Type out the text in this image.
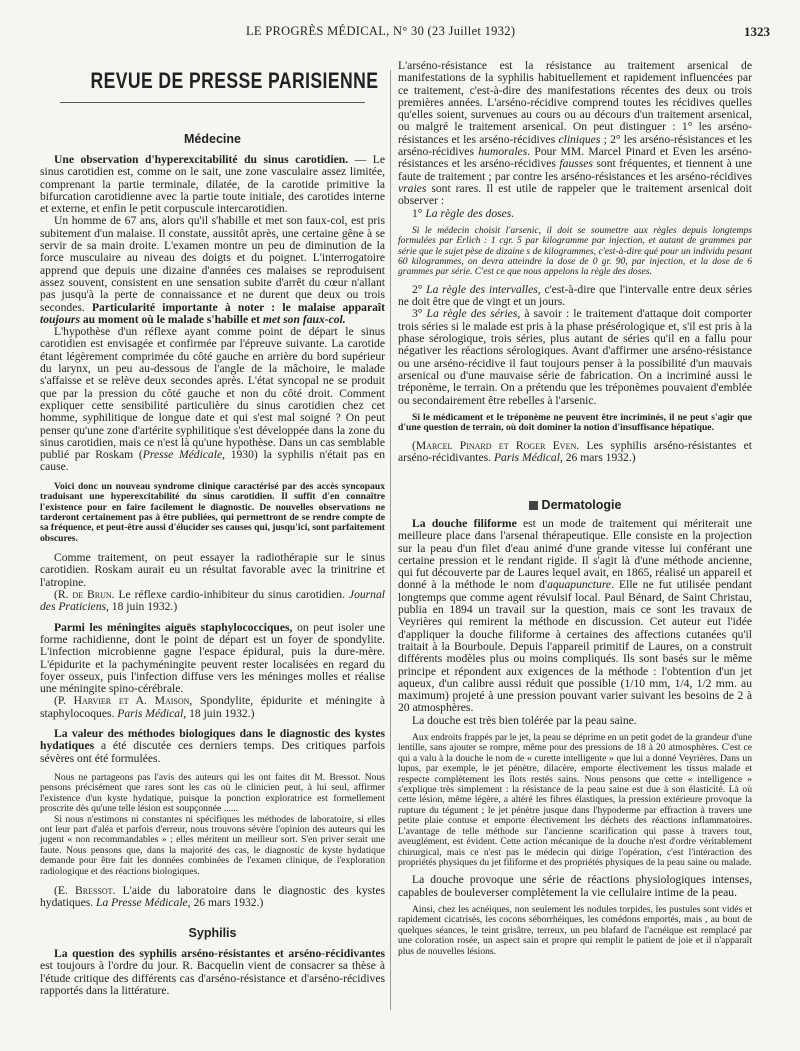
LE PROGRÈS MÉDICAL, N° 30 (23 Juillet 1932)	1323
REVUE DE PRESSE PARISIENNE
Médecine

Une observation d'hyperexcitabilité du sinus carotidien. — Le sinus carotidien est, comme on le sait, une zone vasculaire assez limitée, comprenant la partie terminale, dilatée, de la carotide primitive la bifurcation carotidienne avec la partie toute initiale, des carotides interne et externe, et enfin le petit corpuscule intercarotidien.

Un homme de 67 ans, alors qu'il s'habille et met son faux-col, est pris subitement d'un malaise. Il constate, aussitôt après, une certaine gêne à se servir de sa main droite. L'examen montre un peu de diminution de la force musculaire au niveau des doigts et du poignet. L'interrogatoire apprend que depuis une dizaine d'années ces malaises se reproduisent assez souvent, consistent en une sensation subite d'arrêt du cœur n'allant pas jusqu'à la perte de connaissance et ne durent que deux ou trois secondes. Particularité importante à noter : le malaise apparaît toujours au moment où le malade s'habille et met son faux-col.

L'hypothèse d'un réflexe ayant comme point de départ le sinus carotidien est envisagée et confirmée par l'épreuve suivante. La carotide étant légèrement comprimée du côté gauche en arrière du bord supérieur du larynx, un peu au-dessous de l'angle de la mâchoire, le malade s'affaisse et se relève deux secondes après. L'état syncopal ne se produit que par la pression du côté gauche et non du côté droit. Comment expliquer cette sensibilité particulière du sinus carotidien chez cet homme, syphilitique de longue date et qui s'est mal soigné ? On peut penser qu'une zone d'artérite syphilitique s'est développée dans la zone du sinus carotidien, mais ce n'est là qu'une hypothèse. Dans un cas semblable publié par Roskam (Presse Médicale, 1930) la syphilis n'était pas en cause.

Voici donc un nouveau syndrome clinique caractérisé par des accès syncopaux traduisant une hyperexcitabilité du sinus carotidien. Il suffit d'en connaître l'existence pour en faire facilement le diagnostic. De nouvelles observations ne tarderont certainement pas à être publiées, qui permettront de se rendre compte de sa fréquence, et peut-être aussi d'élucider ses causes qui, jusqu'ici, sont parfaitement obscures.

Comme traitement, on peut essayer la radiothérapie sur le sinus carotidien. Roskam aurait eu un résultat favorable avec la trinitrine et l'atropine.

(R. de Brun. Le réflexe cardio-inhibiteur du sinus carotidien. Journal des Praticiens, 18 juin 1932.)

Parmi les méningites aiguës staphylococciques, on peut isoler une forme rachidienne, dont le point de départ est un foyer de spondylite. L'infection microbienne gagne l'espace épidural, puis la dure-mère. L'épidurite et la pachyméningite peuvent rester localisées en regard du foyer osseux, puis l'infection diffuse vers les méninges molles et réalise une méningite spino-cérébrale.

(P. Harvier et A. Maison, Spondylite, épidurite et méningite à staphylocoques. Paris Médical, 18 juin 1932.)

La valeur des méthodes biologiques dans le diagnostic des kystes hydatiques a été discutée ces derniers temps. Des critiques parfois sévères ont été formulées.

Nous ne partageons pas l'avis des auteurs qui les ont faites dit M. Bressot. Nous pensons précisément que rares sont les cas où le clinicien peut, à lui seul, affirmer l'existence d'un kyste hydatique, puisque la ponction exploratrice est formellement proscrite dès qu'une telle lésion est soupçonnée ......

Si nous n'estimons ni constantes ni spécifiques les méthodes de laboratoire, si elles ont leur part d'aléa et parfois d'erreur, nous trouvons sévère l'opinion des auteurs qui les jugent « non recommandables » ; elles méritent un meilleur sort. S'en priver serait une faute. Nous pensons que, dans la majorité des cas, le diagnostic de kyste hydatique demande pour être fait les données combinées de l'examen clinique, de l'exploration radiologique et des réactions biologiques.

(E. Bressot. L'aide du laboratoire dans le diagnostic des kystes hydatiques. La Presse Médicale, 26 mars 1932.)

Syphilis

La question des syphilis arséno-résistantes et arséno-récidivantes est toujours à l'ordre du jour. R. Bacquelin vient de consacrer sa thèse à l'étude critique des différents cas d'arséno-résistance et d'arséno-récidives rapportés dans la littérature.

L'arséno-résistance est la résistance au traitement arsenical de manifestations de la syphilis habituellement et rapidement influencées par ce traitement, c'est-à-dire des manifestations récentes des deux ou trois premières années. L'arséno-récidive comprend toutes les récidives quelles qu'elles soient, survenues au cours ou au décours d'un traitement arsenical, ou malgré le traitement arsenical. On peut distinguer : 1° les arséno-résistances et les arséno-récidives cliniques ; 2° les arséno-résistances et les arséno-récidives humorales. Pour MM. Marcel Pinard et Even les arséno-résistances et les arséno-récidives fausses sont fréquentes, et tiennent à une faute de traitement ; par contre les arséno-résistances et les arséno-récidives vraies sont rares. Il est utile de rappeler que le traitement arsenical doit observer :

1° La règle des doses.

Si le médecin choisit l'arsenic, il doit se soumettre aux règles depuis longtemps formulées par Erlich : 1 cgr. 5 par kilogramme par injection, et autant de grammes par série que le sujet pèse de dizaine s de kilogrammes, c'est-à-dire qué pour un individu pesant 60 kilogrammes, on devra atteindre la dose de 0 gr. 90, par injection, et la dose de 6 grammes par série. C'est ce que nous appelons la règle des doses.

2° La règle des intervalles, c'est-à-dire que l'intervalle entre deux séries ne doit être que de vingt et un jours.

3° La règle des séries, à savoir : le traitement d'attaque doit comporter trois séries si le malade est pris à la phase présérologique et, s'il est pris à la phase sérologique, trois séries, plus autant de séries qu'il en a fallu pour négativer les réactions sérologiques. Avant d'affirmer une arséno-résistance ou une arséno-récidive il faut toujours penser à la possibilité d'un mauvais arsenical ou d'une mauvaise série de fabrication. On a incriminé aussi le tréponème, le terrain. On a prétendu que les tréponèmes pouvaient d'emblée ou secondairement être rebelles à l'arsenic.

Si le médicament et le tréponème ne peuvent être incriminés, il ne peut s'agir que d'une question de terrain, où doit dominer la notion d'insuffisance hépatique.

(Marcel Pinard et Roger Even. Les syphilis arséno-résistantes et arséno-récidivantes. Paris Médical, 26 mars 1932.)

Dermatologie

La douche filiforme est un mode de traitement qui mériterait une meilleure place dans l'arsenal thérapeutique. Elle consiste en la projection sur la peau d'un filet d'eau animé d'une grande vitesse lui conférant une certaine pression et le rendant rigide. Il s'agit là d'une méthode ancienne, qui fut découverte par de Laures lequel avait, en 1865, réalisé un appareil et donné à la méthode le nom d'aquapuncture. Elle ne fut utilisée pendant longtemps que comme agent révulsif local. Paul Bénard, de Saint Christau, publia en 1894 un travail sur la question, mais ce sont les travaux de Veyrières qui remirent la méthode en discussion. Cet auteur eut l'idée d'appliquer la douche filiforme à certaines des affections cutanées qu'il traitait à la Bourboule. Depuis l'appareil primitif de Laures, on a construit différents modèles plus ou moins compliqués. Ils sont basés sur le même principe et répondent aux exigences de la méthode : l'obtention d'un jet aqueux, d'un calibre aussi réduit que possible (1/10 mm, 1/4, 1/2 mm. au maximum) projeté à une pression pouvant varier suivant les besoins de 2 à 20 atmosphères.

La douche est très bien tolérée par la peau saine.

Aux endroits frappés par le jet, la peau se déprime en un petit godet de la grandeur d'une lentille, sans ajouter se rompre, même pour des pressions de 18 à 20 atmosphères. C'est ce qui a valu à la douche le nom de « curette intelligente » que lui a donné Veyrières. Dans un lupus, par exemple, le jet pénètre, dilacère, emporte électivement les tissus malade et respecte complètement les îlots restés sains. Nous pensons que cette « intelligence » s'explique très simplement : la résistance de la peau saine est due à son élasticité. Là où cette lésion, même légère, a altéré les fibres élastiques, la pression extérieure provoque la rupture du tégument ; le jet pénètre jusque dans l'hypoderme par effraction à travers une petite plaie contuse et emporte électivement les déchets des réactions inflammatoires. L'avantage de telle méthode sur l'ancienne scarification qui passe à travers tout, aveuglément, est évident. Cette action mécanique de la douche n'est d'ordre véritablement chirurgical, mais ce n'est pas le médecin qui dirige l'opération, c'est l'intéraction des propriétés physiques du jet filiforme et des propriétés physiques de la peau saine ou malade.

La douche provoque une série de réactions physiologiques intenses, capables de bouleverser complètement la vie cellulaire intime de la peau.

Ainsi, chez les acnéiques, non seulement les nodules torpides, les pustules sont vidés et rapidement cicatrisés, les cocons séborrhéiques, les comédons emportés, mais , au bout de quelques séances, le teint grisâtre, terreux, un peu blafard de l'acnéique est remplacé par une coloration rosée, un aspect sain et propre qui remplit le patient de joie et il n'apparaît plus de nouvelles lésions.
